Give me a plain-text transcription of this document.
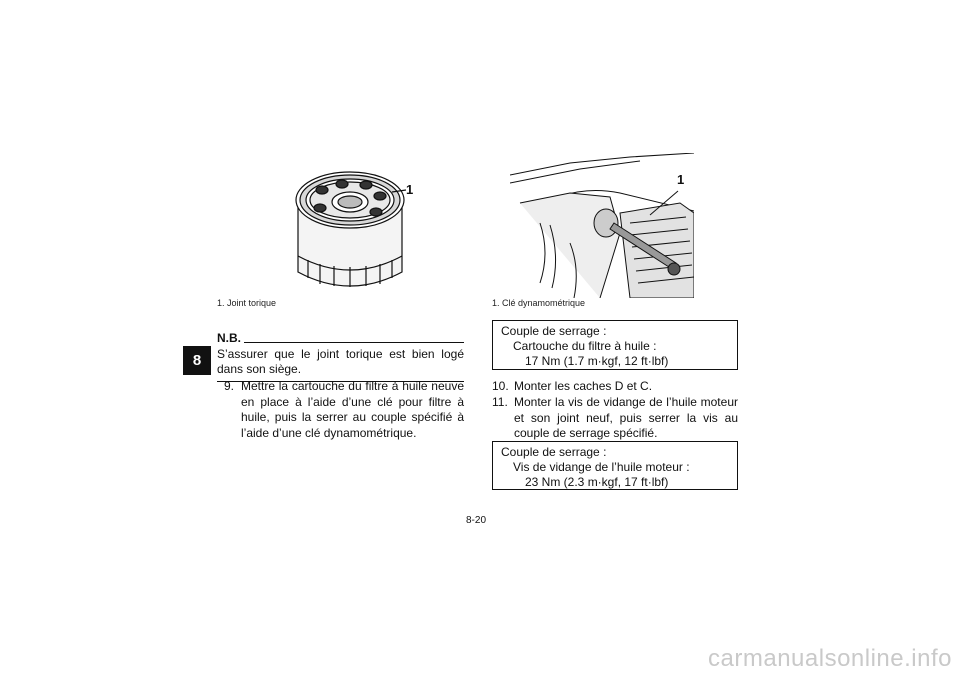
8
1
1. Joint torique
1
1. Clé dynamométrique
N.B.
S’assurer que le joint torique est bien logé dans son siège.
9. Mettre la cartouche du filtre à huile neuve en place à l’aide d’une clé pour filtre à huile, puis la serrer au couple spécifié à l’aide d’une clé dynamométrique.
Couple de serrage :
Cartouche du filtre à huile :
17 Nm (1.7 m·kgf, 12 ft·lbf)
10. Monter les caches D et C.
11. Monter la vis de vidange de l’huile moteur et son joint neuf, puis serrer la vis au couple de serrage spécifié.
Couple de serrage :
Vis de vidange de l’huile moteur :
23 Nm (2.3 m·kgf, 17 ft·lbf)
8-20
carmanualsonline.info
